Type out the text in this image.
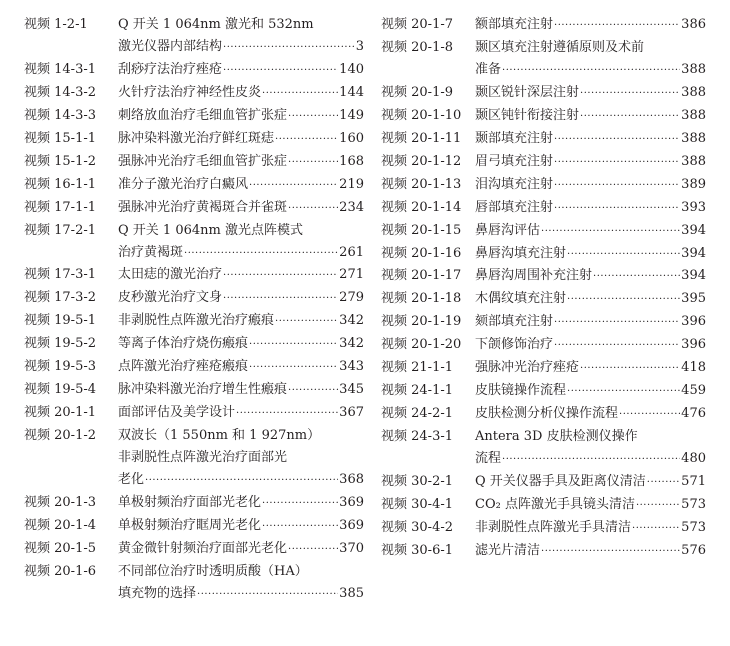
视频 1-2-1	Q 开关 1 064nm 激光和 532nm
激光仪器内部结构 ·····	3
视频 14-3-1	刮痧疗法治疗痤疮 ·····	140
视频 14-3-2	火针疗法治疗神经性皮炎 ·····	144
视频 14-3-3	刺络放血治疗毛细血管扩张症 ·····	149
视频 15-1-1	脉冲染料激光治疗鲜红斑痣 ·····	160
视频 15-1-2	强脉冲光治疗毛细血管扩张症 ·····	168
视频 16-1-1	准分子激光治疗白癜风 ·····	219
视频 17-1-1	强脉冲光治疗黄褐斑合并雀斑 ·····	234
视频 17-2-1	Q 开关 1 064nm 激光点阵模式
治疗黄褐斑 ·····	261
视频 17-3-1	太田痣的激光治疗 ·····	271
视频 17-3-2	皮秒激光治疗文身 ·····	279
视频 19-5-1	非剥脱性点阵激光治疗瘢痕 ·····	342
视频 19-5-2	等离子体治疗烧伤瘢痕 ·····	342
视频 19-5-3	点阵激光治疗痤疮瘢痕 ·····	343
视频 19-5-4	脉冲染料激光治疗增生性瘢痕 ·····	345
视频 20-1-1	面部评估及美学设计 ·····	367
视频 20-1-2	双波长（1 550nm 和 1 927nm）
非剥脱性点阵激光治疗面部光
老化 ·····	368
视频 20-1-3	单极射频治疗面部光老化 ·····	369
视频 20-1-4	单极射频治疗眶周光老化 ·····	369
视频 20-1-5	黄金微针射频治疗面部光老化 ·····	370
视频 20-1-6	不同部位治疗时透明质酸（HA）
填充物的选择 ·····	385
视频 20-1-7	额部填充注射 ·····	386
视频 20-1-8	颞区填充注射遵循原则及术前
准备 ·····	388
视频 20-1-9	颞区锐针深层注射 ·····	388
视频 20-1-10	颞区钝针衔接注射 ·····	388
视频 20-1-11	颞部填充注射 ·····	388
视频 20-1-12	眉弓填充注射 ·····	388
视频 20-1-13	泪沟填充注射 ·····	389
视频 20-1-14	唇部填充注射 ·····	393
视频 20-1-15	鼻唇沟评估 ·····	394
视频 20-1-16	鼻唇沟填充注射 ·····	394
视频 20-1-17	鼻唇沟周围补充注射 ·····	394
视频 20-1-18	木偶纹填充注射 ·····	395
视频 20-1-19	颏部填充注射 ·····	396
视频 20-1-20	下颌修饰治疗 ·····	396
视频 21-1-1	强脉冲光治疗痤疮 ·····	418
视频 24-1-1	皮肤镜操作流程 ·····	459
视频 24-2-1	皮肤检测分析仪操作流程 ·····	476
视频 24-3-1	Antera 3D 皮肤检测仪操作
流程 ·····	480
视频 30-2-1	Q 开关仪器手具及距离仪清洁 ·····	571
视频 30-4-1	CO₂ 点阵激光手具镜头清洁 ·····	573
视频 30-4-2	非剥脱性点阵激光手具清洁 ·····	573
视频 30-6-1	滤光片清洁 ·····	576
